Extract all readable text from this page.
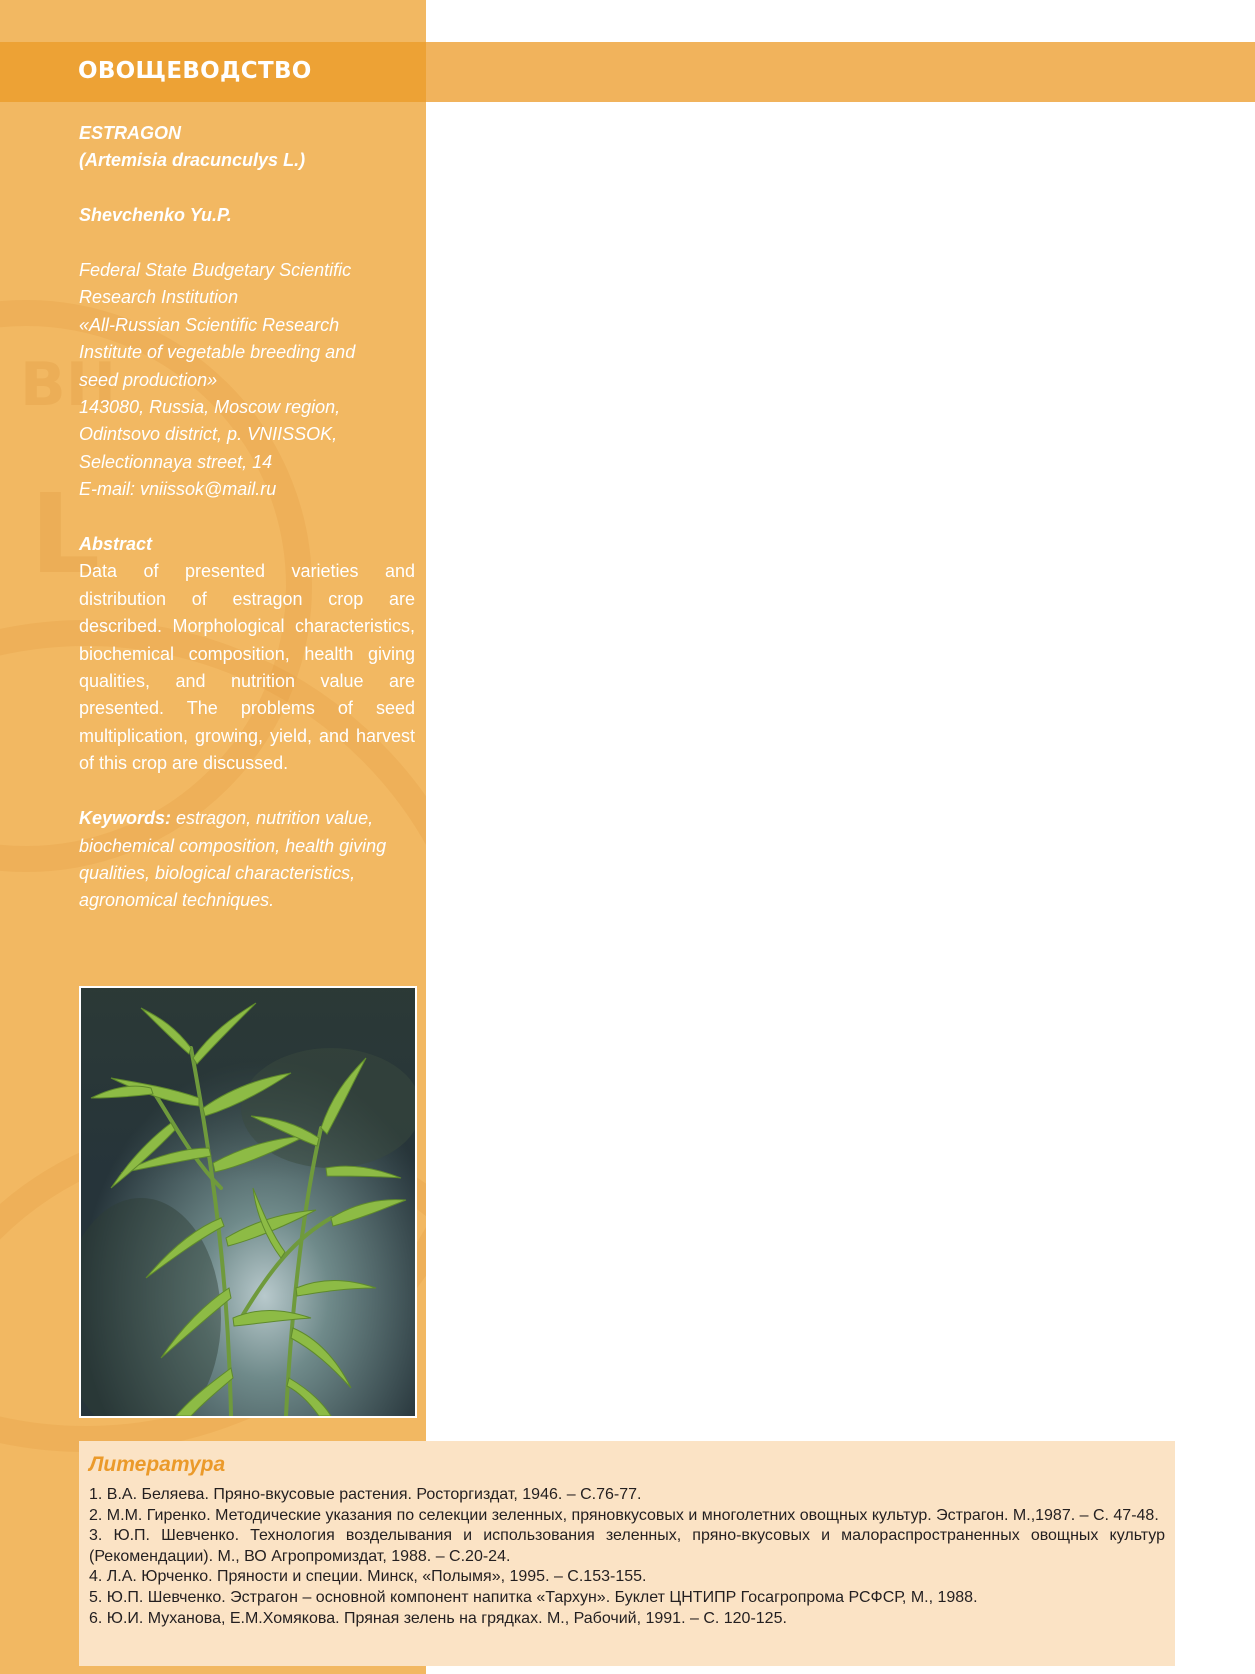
ВН
L
ОВОЩЕВОДСТВО
ESTRAGON
(Artemisia dracunculys L.)
Shevchenko Yu.P.
Federal State Budgetary Scientific
Research Institution
«All-Russian Scientific Research
Institute of vegetable breeding and
seed production»
143080, Russia, Moscow region,
Odintsovo district, p. VNIISSOK,
Selectionnaya street, 14
E-mail: vniissok@mail.ru
Abstract
Data of presented varieties and distribution of estragon crop are described. Morphological characteristics, biochemical composition, health giving qualities, and nutrition value are presented. The problems of seed multiplication, growing, yield, and harvest of this crop are discussed.
Keywords: estragon, nutrition value, biochemical composition, health giving qualities, biological characteristics, agronomical techniques.
Литература
1. В.А. Беляева. Пряно-вкусовые растения. Росторгиздат, 1946. – С.76-77.
2. М.М. Гиренко. Методические указания по селекции зеленных, пряновкусовых и многолетних овощных культур. Эстрагон. М.,1987. – С. 47-48.
3. Ю.П. Шевченко. Технология возделывания и использования зеленных, пряно-вкусовых и малораспространенных овощных культур (Рекомендации). М., ВО Агропромиздат, 1988. – С.20-24.
4. Л.А. Юрченко. Пряности и специи. Минск, «Полымя», 1995. – С.153-155.
5. Ю.П. Шевченко. Эстрагон – основной компонент напитка «Тархун». Буклет ЦНТИПР Госагропрома РСФСР, М., 1988.
6. Ю.И. Муханова, Е.М.Хомякова. Пряная зелень на грядках. М., Рабочий, 1991. – С. 120-125.
